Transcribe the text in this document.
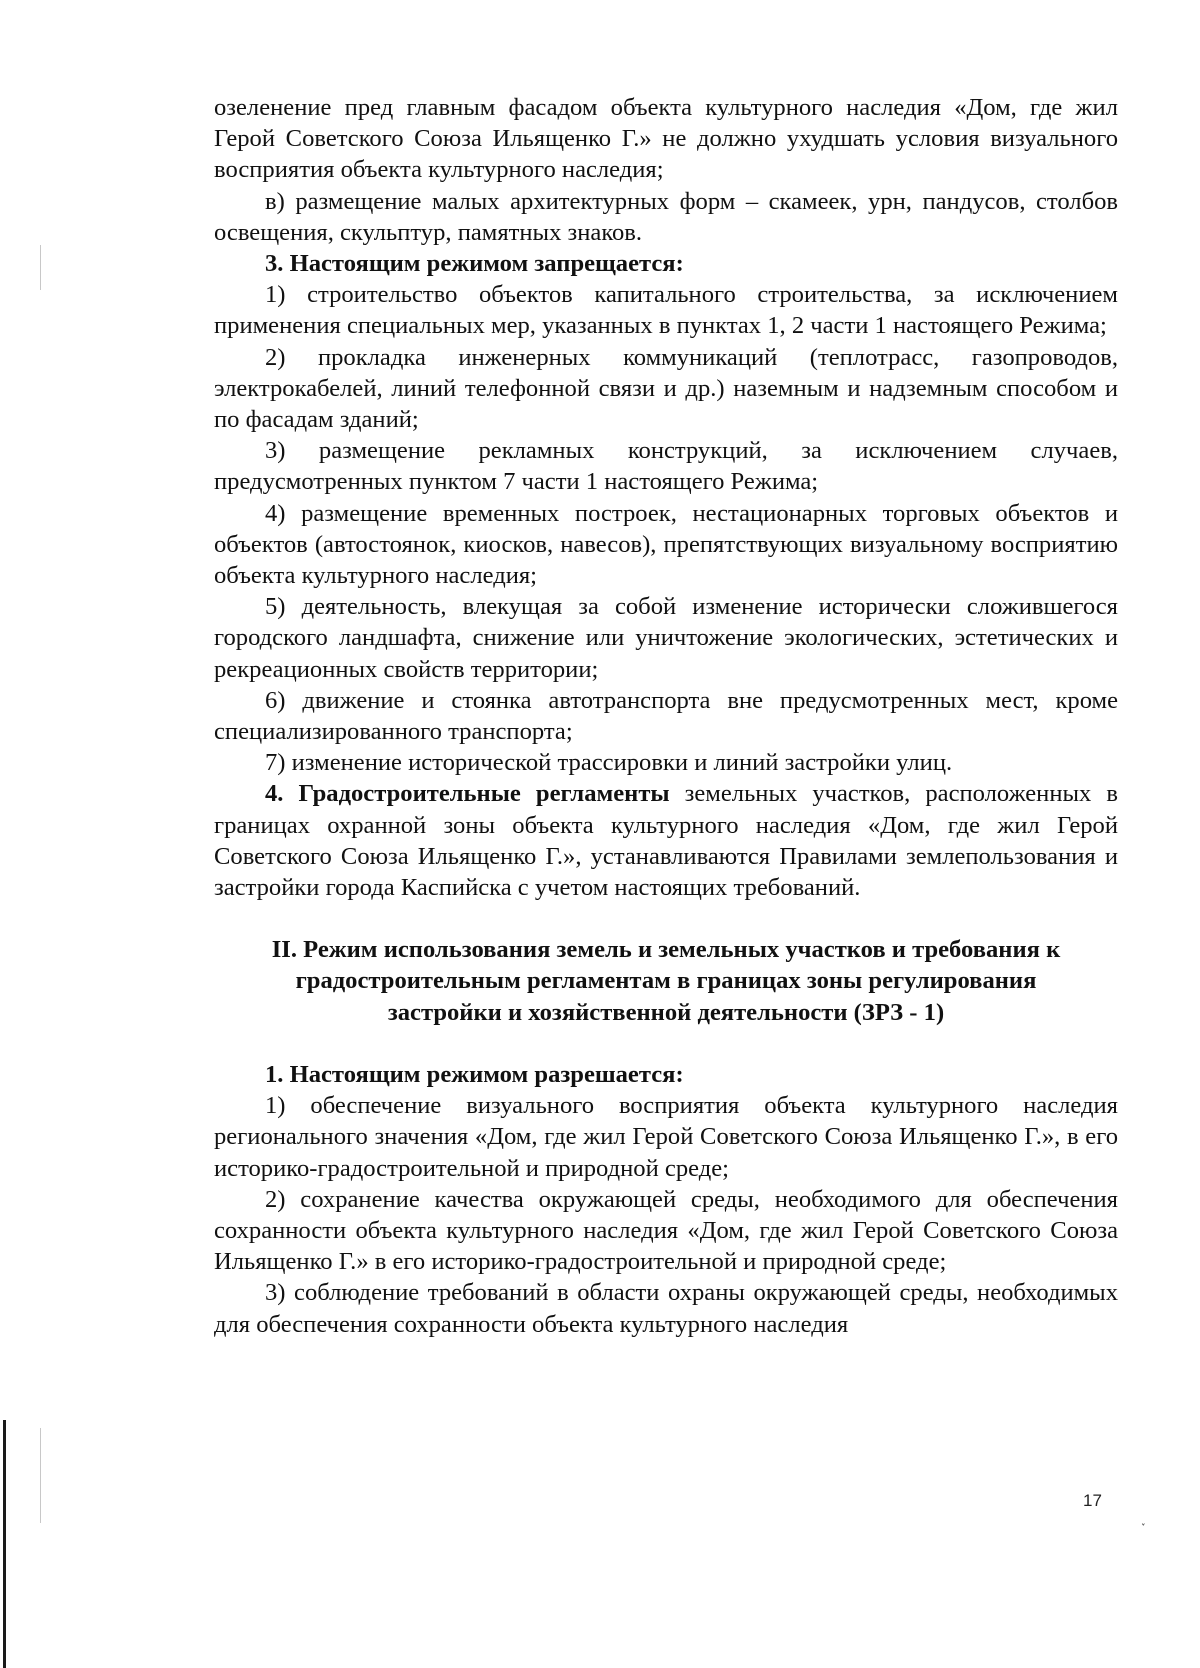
озеленение пред главным фасадом объекта культурного наследия «Дом, где жил Герой Советского Союза Ильященко Г.» не должно ухудшать условия визуального восприятия объекта культурного наследия;

в) размещение малых архитектурных форм – скамеек, урн, пандусов, столбов освещения, скульптур, памятных знаков.

3. Настоящим режимом запрещается:

1) строительство объектов капитального строительства, за исключением применения специальных мер, указанных в пунктах 1, 2 части 1 настоящего Режима;

2) прокладка инженерных коммуникаций (теплотрасс, газопроводов, электрокабелей, линий телефонной связи и др.) наземным и надземным способом и по фасадам зданий;

3) размещение рекламных конструкций, за исключением случаев, предусмотренных пунктом 7 части 1 настоящего Режима;

4) размещение временных построек, нестационарных торговых объектов и объектов (автостоянок, киосков, навесов), препятствующих визуальному восприятию объекта культурного наследия;

5) деятельность, влекущая за собой изменение исторически сложившегося городского ландшафта, снижение или уничтожение экологических, эстетических и рекреационных свойств территории;

6) движение и стоянка автотранспорта вне предусмотренных мест, кроме специализированного транспорта;

7) изменение исторической трассировки и линий застройки улиц.

4. Градостроительные регламенты земельных участков, расположенных в границах охранной зоны объекта культурного наследия «Дом, где жил Герой Советского Союза Ильященко Г.», устанавливаются Правилами землепользования и застройки города Каспийска с учетом настоящих требований.

II. Режим использования земель и земельных участков и требования к
градостроительным регламентам в границах зоны регулирования
застройки и хозяйственной деятельности (ЗРЗ - 1)

1. Настоящим режимом разрешается:

1) обеспечение визуального восприятия объекта культурного наследия регионального значения «Дом, где жил Герой Советского Союза Ильященко Г.», в его историко-градостроительной и природной среде;

2) сохранение качества окружающей среды, необходимого для обеспечения сохранности объекта культурного наследия «Дом, где жил Герой Советского Союза Ильященко Г.» в его историко-градостроительной и природной среде;

3) соблюдение требований в области охраны окружающей среды, необходимых для обеспечения сохранности объекта культурного наследия

17
˯
